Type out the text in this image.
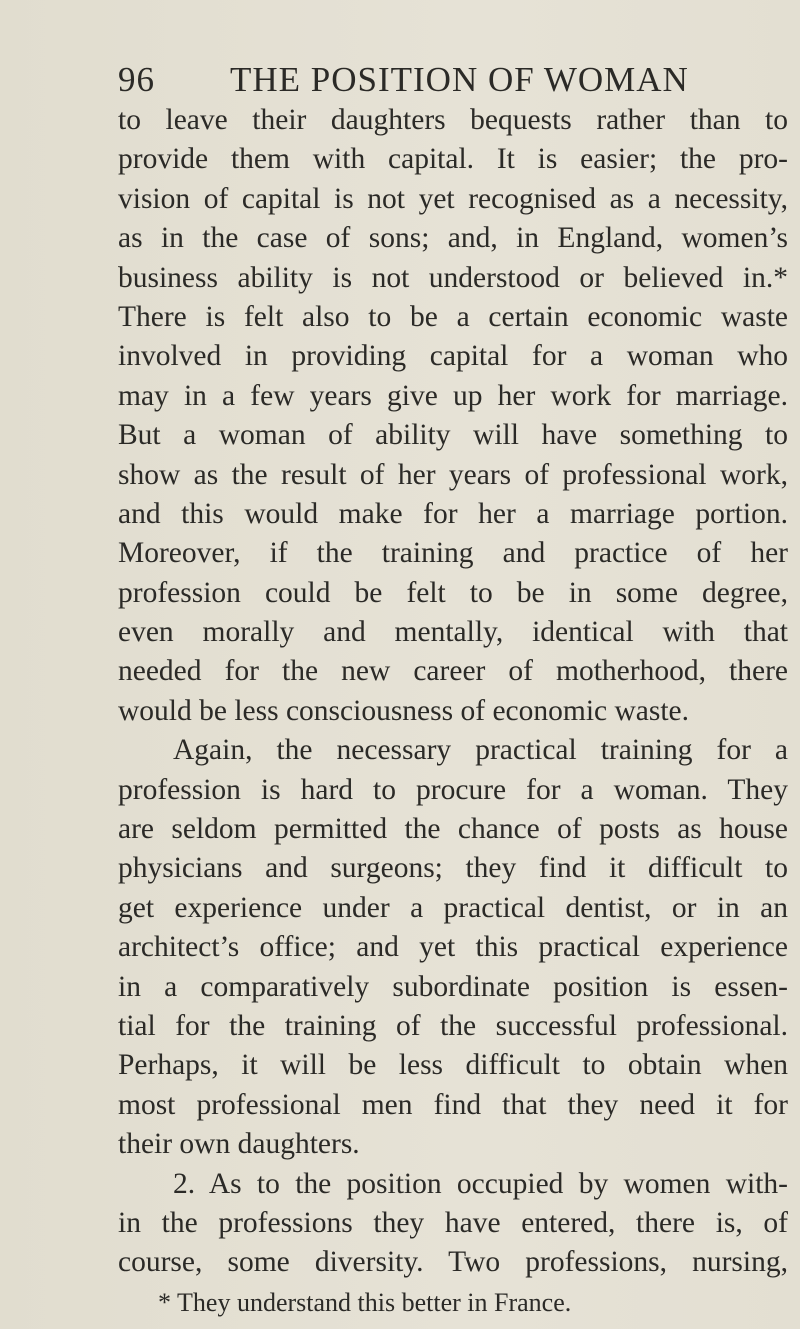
96 THE POSITION OF WOMAN
to leave their daughters bequests rather than to
provide them with capital. It is easier; the pro-
vision of capital is not yet recognised as a necessity,
as in the case of sons; and, in England, women’s
business ability is not understood or believed in.*
There is felt also to be a certain economic waste
involved in providing capital for a woman who
may in a few years give up her work for marriage.
But a woman of ability will have something to
show as the result of her years of professional work,
and this would make for her a marriage portion.
Moreover, if the training and practice of her
profession could be felt to be in some degree,
even morally and mentally, identical with that
needed for the new career of motherhood, there
would be less consciousness of economic waste.
Again, the necessary practical training for a
profession is hard to procure for a woman. They
are seldom permitted the chance of posts as house
physicians and surgeons; they find it difficult to
get experience under a practical dentist, or in an
architect’s office; and yet this practical experience
in a comparatively subordinate position is essen-
tial for the training of the successful professional.
Perhaps, it will be less difficult to obtain when
most professional men find that they need it for
their own daughters.
2. As to the position occupied by women with-
in the professions they have entered, there is, of
course, some diversity. Two professions, nursing,
* They understand this better in France.
